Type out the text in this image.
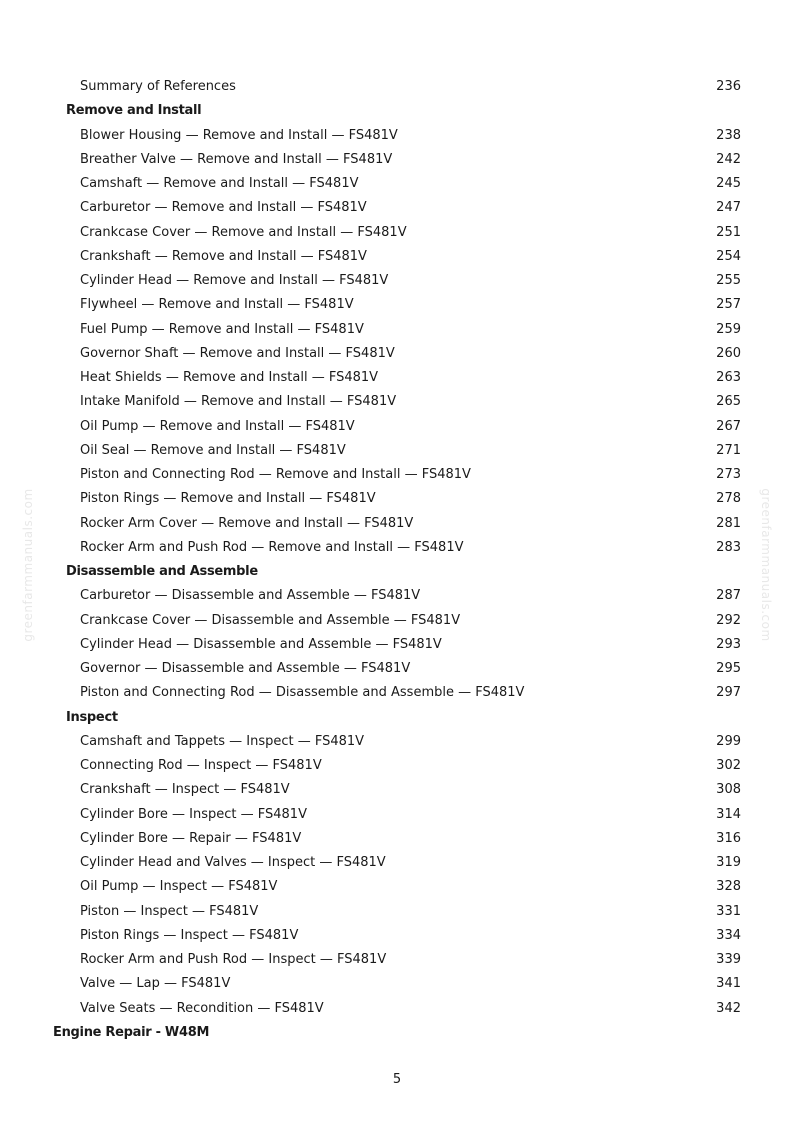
Summary of References	236
Remove and Install
Blower Housing — Remove and Install — FS481V	238
Breather Valve — Remove and Install — FS481V	242
Camshaft — Remove and Install — FS481V	245
Carburetor — Remove and Install — FS481V	247
Crankcase Cover — Remove and Install — FS481V	251
Crankshaft — Remove and Install — FS481V	254
Cylinder Head — Remove and Install — FS481V	255
Flywheel — Remove and Install — FS481V	257
Fuel Pump — Remove and Install — FS481V	259
Governor Shaft — Remove and Install — FS481V	260
Heat Shields — Remove and Install — FS481V	263
Intake Manifold — Remove and Install — FS481V	265
Oil Pump — Remove and Install — FS481V	267
Oil Seal — Remove and Install — FS481V	271
Piston and Connecting Rod — Remove and Install — FS481V	273
Piston Rings — Remove and Install — FS481V	278
Rocker Arm Cover — Remove and Install — FS481V	281
Rocker Arm and Push Rod — Remove and Install — FS481V	283
Disassemble and Assemble
Carburetor — Disassemble and Assemble — FS481V	287
Crankcase Cover — Disassemble and Assemble — FS481V	292
Cylinder Head — Disassemble and Assemble — FS481V	293
Governor — Disassemble and Assemble — FS481V	295
Piston and Connecting Rod — Disassemble and Assemble — FS481V	297
Inspect
Camshaft and Tappets — Inspect — FS481V	299
Connecting Rod — Inspect — FS481V	302
Crankshaft — Inspect — FS481V	308
Cylinder Bore — Inspect — FS481V	314
Cylinder Bore — Repair — FS481V	316
Cylinder Head and Valves — Inspect — FS481V	319
Oil Pump — Inspect — FS481V	328
Piston — Inspect — FS481V	331
Piston Rings — Inspect — FS481V	334
Rocker Arm and Push Rod — Inspect — FS481V	339
Valve — Lap — FS481V	341
Valve Seats — Recondition — FS481V	342
Engine Repair - W48M
5
greenfarmmanuals.com	greenfarmmanuals.com
